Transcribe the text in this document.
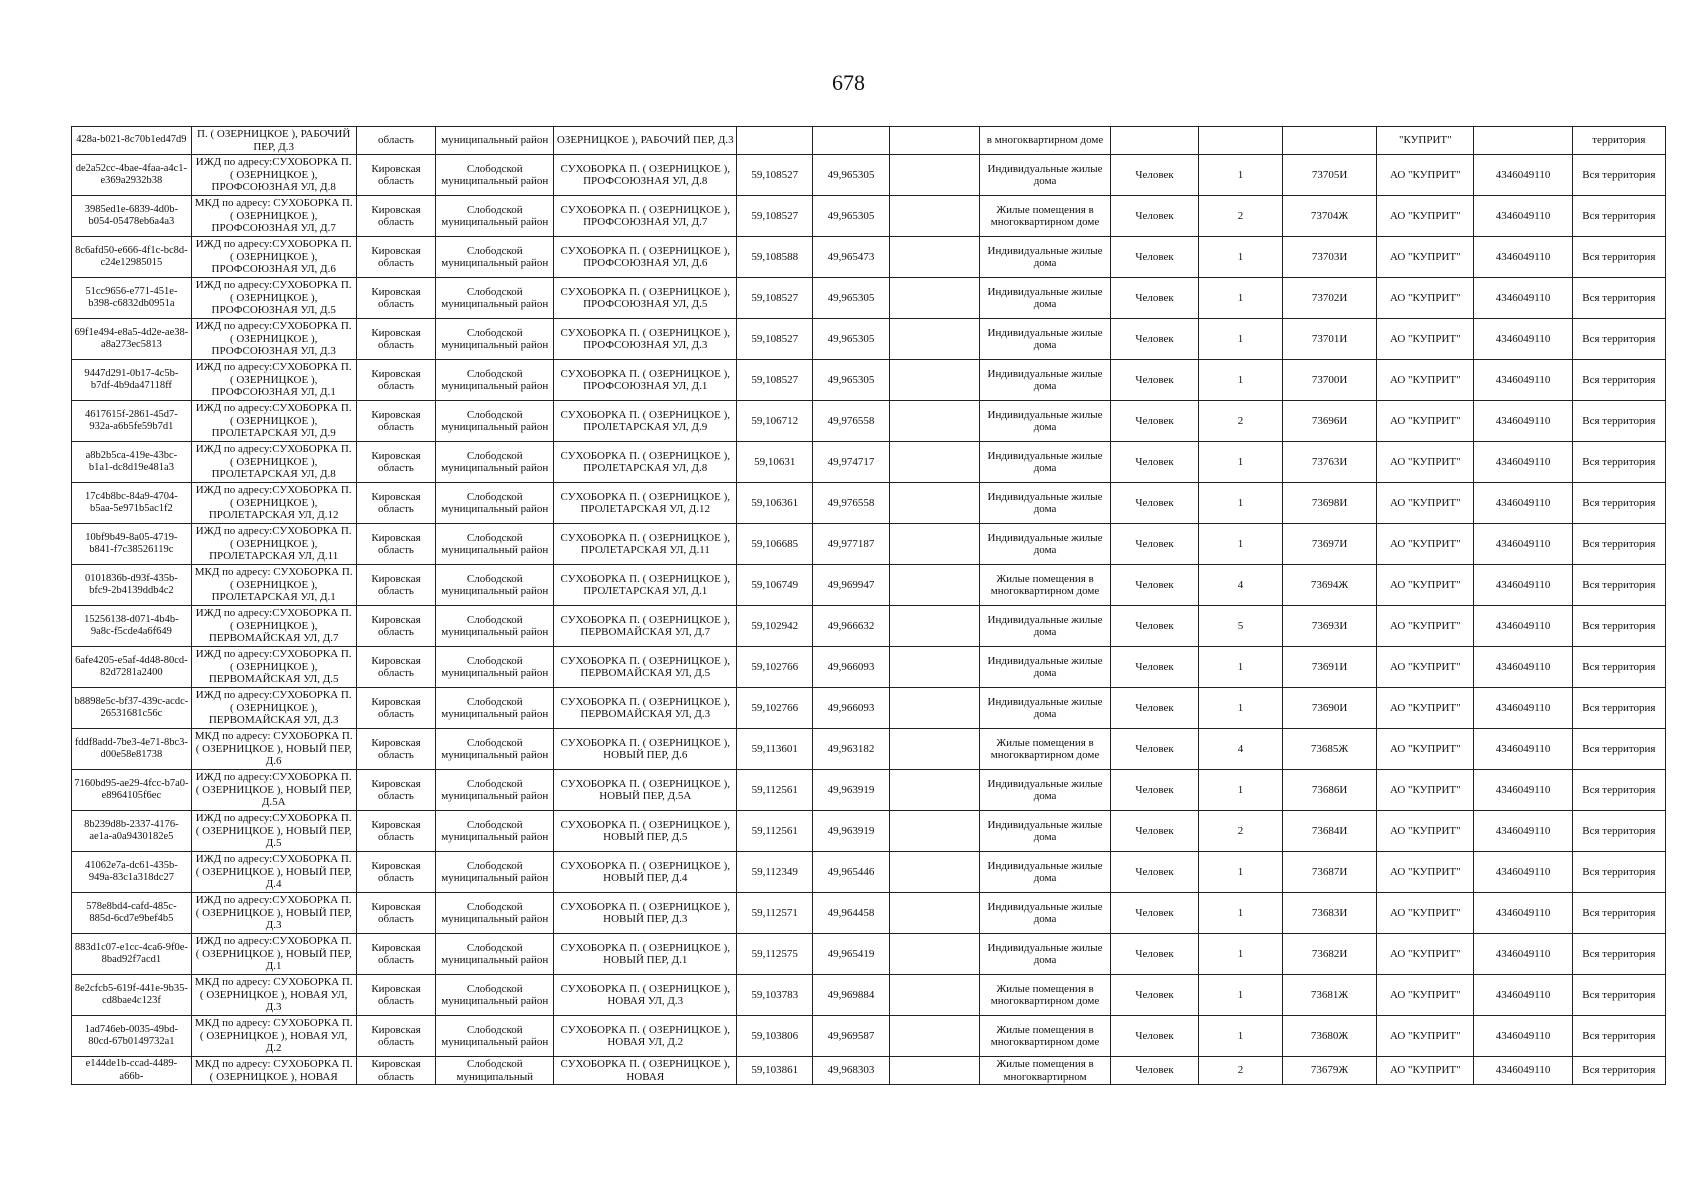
678
428a-b021-8c70b1ed47d9	П. ( ОЗЕРНИЦКОЕ ), РАБОЧИЙ ПЕР, Д.3	область	муниципальный район	ОЗЕРНИЦКОЕ ), РАБОЧИЙ ПЕР, Д.3				в многоквартирном доме				"КУПРИТ"		территория
de2a52cc-4bae-4faa-a4c1-e369a2932b38	ИЖД по адресу:СУХОБОРКА П. ( ОЗЕРНИЦКОЕ ), ПРОФСОЮЗНАЯ УЛ, Д.8	Кировская область	Слободской муниципальный район	СУХОБОРКА П. ( ОЗЕРНИЦКОЕ ), ПРОФСОЮЗНАЯ УЛ, Д.8	59,108527	49,965305		Индивидуальные жилые дома	Человек	1	73705И	АО "КУПРИТ"	4346049110	Вся территория
3985ed1e-6839-4d0b-b054-05478eb6a4a3	МКД по адресу: СУХОБОРКА П. ( ОЗЕРНИЦКОЕ ), ПРОФСОЮЗНАЯ УЛ, Д.7	Кировская область	Слободской муниципальный район	СУХОБОРКА П. ( ОЗЕРНИЦКОЕ ), ПРОФСОЮЗНАЯ УЛ, Д.7	59,108527	49,965305		Жилые помещения в многоквартирном доме	Человек	2	73704Ж	АО "КУПРИТ"	4346049110	Вся территория
8c6afd50-e666-4f1c-bc8d-c24e12985015	ИЖД по адресу:СУХОБОРКА П. ( ОЗЕРНИЦКОЕ ), ПРОФСОЮЗНАЯ УЛ, Д.6	Кировская область	Слободской муниципальный район	СУХОБОРКА П. ( ОЗЕРНИЦКОЕ ), ПРОФСОЮЗНАЯ УЛ, Д.6	59,108588	49,965473		Индивидуальные жилые дома	Человек	1	73703И	АО "КУПРИТ"	4346049110	Вся территория
51cc9656-e771-451e-b398-c6832db0951a	ИЖД по адресу:СУХОБОРКА П. ( ОЗЕРНИЦКОЕ ), ПРОФСОЮЗНАЯ УЛ, Д.5	Кировская область	Слободской муниципальный район	СУХОБОРКА П. ( ОЗЕРНИЦКОЕ ), ПРОФСОЮЗНАЯ УЛ, Д.5	59,108527	49,965305		Индивидуальные жилые дома	Человек	1	73702И	АО "КУПРИТ"	4346049110	Вся территория
69f1e494-e8a5-4d2e-ae38-a8a273ec5813	ИЖД по адресу:СУХОБОРКА П. ( ОЗЕРНИЦКОЕ ), ПРОФСОЮЗНАЯ УЛ, Д.3	Кировская область	Слободской муниципальный район	СУХОБОРКА П. ( ОЗЕРНИЦКОЕ ), ПРОФСОЮЗНАЯ УЛ, Д.3	59,108527	49,965305		Индивидуальные жилые дома	Человек	1	73701И	АО "КУПРИТ"	4346049110	Вся территория
9447d291-0b17-4c5b-b7df-4b9da47118ff	ИЖД по адресу:СУХОБОРКА П. ( ОЗЕРНИЦКОЕ ), ПРОФСОЮЗНАЯ УЛ, Д.1	Кировская область	Слободской муниципальный район	СУХОБОРКА П. ( ОЗЕРНИЦКОЕ ), ПРОФСОЮЗНАЯ УЛ, Д.1	59,108527	49,965305		Индивидуальные жилые дома	Человек	1	73700И	АО "КУПРИТ"	4346049110	Вся территория
4617615f-2861-45d7-932a-a6b5fe59b7d1	ИЖД по адресу:СУХОБОРКА П. ( ОЗЕРНИЦКОЕ ), ПРОЛЕТАРСКАЯ УЛ, Д.9	Кировская область	Слободской муниципальный район	СУХОБОРКА П. ( ОЗЕРНИЦКОЕ ), ПРОЛЕТАРСКАЯ УЛ, Д.9	59,106712	49,976558		Индивидуальные жилые дома	Человек	2	73696И	АО "КУПРИТ"	4346049110	Вся территория
a8b2b5ca-419e-43bc-b1a1-dc8d19e481a3	ИЖД по адресу:СУХОБОРКА П. ( ОЗЕРНИЦКОЕ ), ПРОЛЕТАРСКАЯ УЛ, Д.8	Кировская область	Слободской муниципальный район	СУХОБОРКА П. ( ОЗЕРНИЦКОЕ ), ПРОЛЕТАРСКАЯ УЛ, Д.8	59,10631	49,974717		Индивидуальные жилые дома	Человек	1	73763И	АО "КУПРИТ"	4346049110	Вся территория
17c4b8bc-84a9-4704-b5aa-5e971b5ac1f2	ИЖД по адресу:СУХОБОРКА П. ( ОЗЕРНИЦКОЕ ), ПРОЛЕТАРСКАЯ УЛ, Д.12	Кировская область	Слободской муниципальный район	СУХОБОРКА П. ( ОЗЕРНИЦКОЕ ), ПРОЛЕТАРСКАЯ УЛ, Д.12	59,106361	49,976558		Индивидуальные жилые дома	Человек	1	73698И	АО "КУПРИТ"	4346049110	Вся территория
10bf9b49-8a05-4719-b841-f7c38526119c	ИЖД по адресу:СУХОБОРКА П. ( ОЗЕРНИЦКОЕ ), ПРОЛЕТАРСКАЯ УЛ, Д.11	Кировская область	Слободской муниципальный район	СУХОБОРКА П. ( ОЗЕРНИЦКОЕ ), ПРОЛЕТАРСКАЯ УЛ, Д.11	59,106685	49,977187		Индивидуальные жилые дома	Человек	1	73697И	АО "КУПРИТ"	4346049110	Вся территория
0101836b-d93f-435b-bfc9-2b4139ddb4c2	МКД по адресу: СУХОБОРКА П. ( ОЗЕРНИЦКОЕ ), ПРОЛЕТАРСКАЯ УЛ, Д.1	Кировская область	Слободской муниципальный район	СУХОБОРКА П. ( ОЗЕРНИЦКОЕ ), ПРОЛЕТАРСКАЯ УЛ, Д.1	59,106749	49,969947		Жилые помещения в многоквартирном доме	Человек	4	73694Ж	АО "КУПРИТ"	4346049110	Вся территория
15256138-d071-4b4b-9a8c-f5cde4a6f649	ИЖД по адресу:СУХОБОРКА П. ( ОЗЕРНИЦКОЕ ), ПЕРВОМАЙСКАЯ УЛ, Д.7	Кировская область	Слободской муниципальный район	СУХОБОРКА П. ( ОЗЕРНИЦКОЕ ), ПЕРВОМАЙСКАЯ УЛ, Д.7	59,102942	49,966632		Индивидуальные жилые дома	Человек	5	73693И	АО "КУПРИТ"	4346049110	Вся территория
6afe4205-e5af-4d48-80cd-82d7281a2400	ИЖД по адресу:СУХОБОРКА П. ( ОЗЕРНИЦКОЕ ), ПЕРВОМАЙСКАЯ УЛ, Д.5	Кировская область	Слободской муниципальный район	СУХОБОРКА П. ( ОЗЕРНИЦКОЕ ), ПЕРВОМАЙСКАЯ УЛ, Д.5	59,102766	49,966093		Индивидуальные жилые дома	Человек	1	73691И	АО "КУПРИТ"	4346049110	Вся территория
b8898e5c-bf37-439c-acdc-26531681c56c	ИЖД по адресу:СУХОБОРКА П. ( ОЗЕРНИЦКОЕ ), ПЕРВОМАЙСКАЯ УЛ, Д.3	Кировская область	Слободской муниципальный район	СУХОБОРКА П. ( ОЗЕРНИЦКОЕ ), ПЕРВОМАЙСКАЯ УЛ, Д.3	59,102766	49,966093		Индивидуальные жилые дома	Человек	1	73690И	АО "КУПРИТ"	4346049110	Вся территория
fddf8add-7be3-4e71-8bc3-d00e58e81738	МКД по адресу: СУХОБОРКА П. ( ОЗЕРНИЦКОЕ ), НОВЫЙ ПЕР, Д.6	Кировская область	Слободской муниципальный район	СУХОБОРКА П. ( ОЗЕРНИЦКОЕ ), НОВЫЙ ПЕР, Д.6	59,113601	49,963182		Жилые помещения в многоквартирном доме	Человек	4	73685Ж	АО "КУПРИТ"	4346049110	Вся территория
7160bd95-ae29-4fcc-b7a0-e8964105f6ec	ИЖД по адресу:СУХОБОРКА П. ( ОЗЕРНИЦКОЕ ), НОВЫЙ ПЕР, Д.5А	Кировская область	Слободской муниципальный район	СУХОБОРКА П. ( ОЗЕРНИЦКОЕ ), НОВЫЙ ПЕР, Д.5А	59,112561	49,963919		Индивидуальные жилые дома	Человек	1	73686И	АО "КУПРИТ"	4346049110	Вся территория
8b239d8b-2337-4176-ae1a-a0a9430182e5	ИЖД по адресу:СУХОБОРКА П. ( ОЗЕРНИЦКОЕ ), НОВЫЙ ПЕР, Д.5	Кировская область	Слободской муниципальный район	СУХОБОРКА П. ( ОЗЕРНИЦКОЕ ), НОВЫЙ ПЕР, Д.5	59,112561	49,963919		Индивидуальные жилые дома	Человек	2	73684И	АО "КУПРИТ"	4346049110	Вся территория
41062e7a-dc61-435b-949a-83c1a318dc27	ИЖД по адресу:СУХОБОРКА П. ( ОЗЕРНИЦКОЕ ), НОВЫЙ ПЕР, Д.4	Кировская область	Слободской муниципальный район	СУХОБОРКА П. ( ОЗЕРНИЦКОЕ ), НОВЫЙ ПЕР, Д.4	59,112349	49,965446		Индивидуальные жилые дома	Человек	1	73687И	АО "КУПРИТ"	4346049110	Вся территория
578e8bd4-cafd-485c-885d-6cd7e9bef4b5	ИЖД по адресу:СУХОБОРКА П. ( ОЗЕРНИЦКОЕ ), НОВЫЙ ПЕР, Д.3	Кировская область	Слободской муниципальный район	СУХОБОРКА П. ( ОЗЕРНИЦКОЕ ), НОВЫЙ ПЕР, Д.3	59,112571	49,964458		Индивидуальные жилые дома	Человек	1	73683И	АО "КУПРИТ"	4346049110	Вся территория
883d1c07-e1cc-4ca6-9f0e-8bad92f7acd1	ИЖД по адресу:СУХОБОРКА П. ( ОЗЕРНИЦКОЕ ), НОВЫЙ ПЕР, Д.1	Кировская область	Слободской муниципальный район	СУХОБОРКА П. ( ОЗЕРНИЦКОЕ ), НОВЫЙ ПЕР, Д.1	59,112575	49,965419		Индивидуальные жилые дома	Человек	1	73682И	АО "КУПРИТ"	4346049110	Вся территория
8e2cfcb5-619f-441e-9b35-cd8bae4c123f	МКД по адресу: СУХОБОРКА П. ( ОЗЕРНИЦКОЕ ), НОВАЯ УЛ, Д.3	Кировская область	Слободской муниципальный район	СУХОБОРКА П. ( ОЗЕРНИЦКОЕ ), НОВАЯ УЛ, Д.3	59,103783	49,969884		Жилые помещения в многоквартирном доме	Человек	1	73681Ж	АО "КУПРИТ"	4346049110	Вся территория
1ad746eb-0035-49bd-80cd-67b0149732a1	МКД по адресу: СУХОБОРКА П. ( ОЗЕРНИЦКОЕ ), НОВАЯ УЛ, Д.2	Кировская область	Слободской муниципальный район	СУХОБОРКА П. ( ОЗЕРНИЦКОЕ ), НОВАЯ УЛ, Д.2	59,103806	49,969587		Жилые помещения в многоквартирном доме	Человек	1	73680Ж	АО "КУПРИТ"	4346049110	Вся территория
e144de1b-ccad-4489-a66b-	МКД по адресу: СУХОБОРКА П. ( ОЗЕРНИЦКОЕ ), НОВАЯ	Кировская область	Слободской муниципальный	СУХОБОРКА П. ( ОЗЕРНИЦКОЕ ), НОВАЯ	59,103861	49,968303		Жилые помещения в многоквартирном	Человек	2	73679Ж	АО "КУПРИТ"	4346049110	Вся территория
